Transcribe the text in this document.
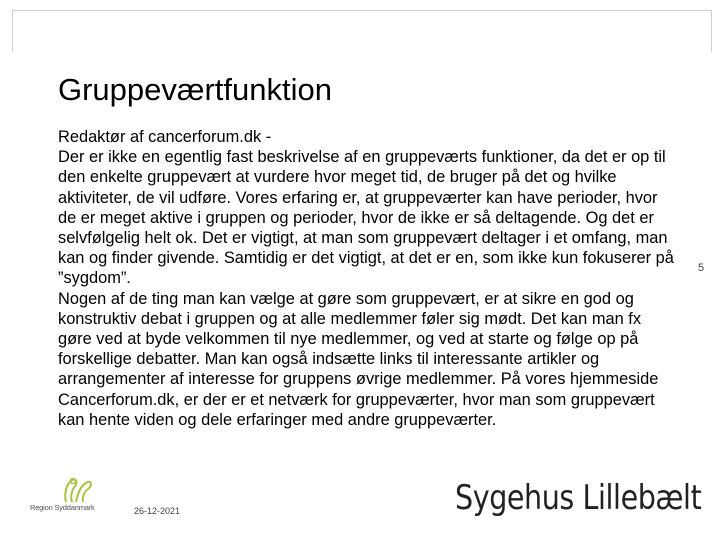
Gruppeværtfunktion

Redaktør af cancerforum.dk -

Der er ikke en egentlig fast beskrivelse af en gruppeværts funktioner, da det er op til den enkelte gruppevært at vurdere hvor meget tid, de bruger på det og hvilke aktiviteter, de vil udføre. Vores erfaring er, at gruppeværter kan have perioder, hvor de er meget aktive i gruppen og perioder, hvor de ikke er så deltagende. Og det er selvfølgelig helt ok. Det er vigtigt, at man som gruppevært deltager i et omfang, man kan og finder givende. Samtidig er det vigtigt, at det er en, som ikke kun fokuserer på ”sygdom”.

Nogen af de ting man kan vælge at gøre som gruppevært, er at sikre en god og konstruktiv debat i gruppen og at alle medlemmer føler sig mødt. Det kan man fx gøre ved at byde velkommen til nye medlemmer, og ved at starte og følge op på forskellige debatter. Man kan også indsætte links til interessante artikler og arrangementer af interesse for gruppens øvrige medlemmer. På vores hjemmeside Cancerforum.dk, er der er et netværk for gruppeværter, hvor man som gruppevært kan hente viden og dele erfaringer med andre gruppeværter.

5
Region Syddanmark	26-12-2021	Sygehus Lillebælt
